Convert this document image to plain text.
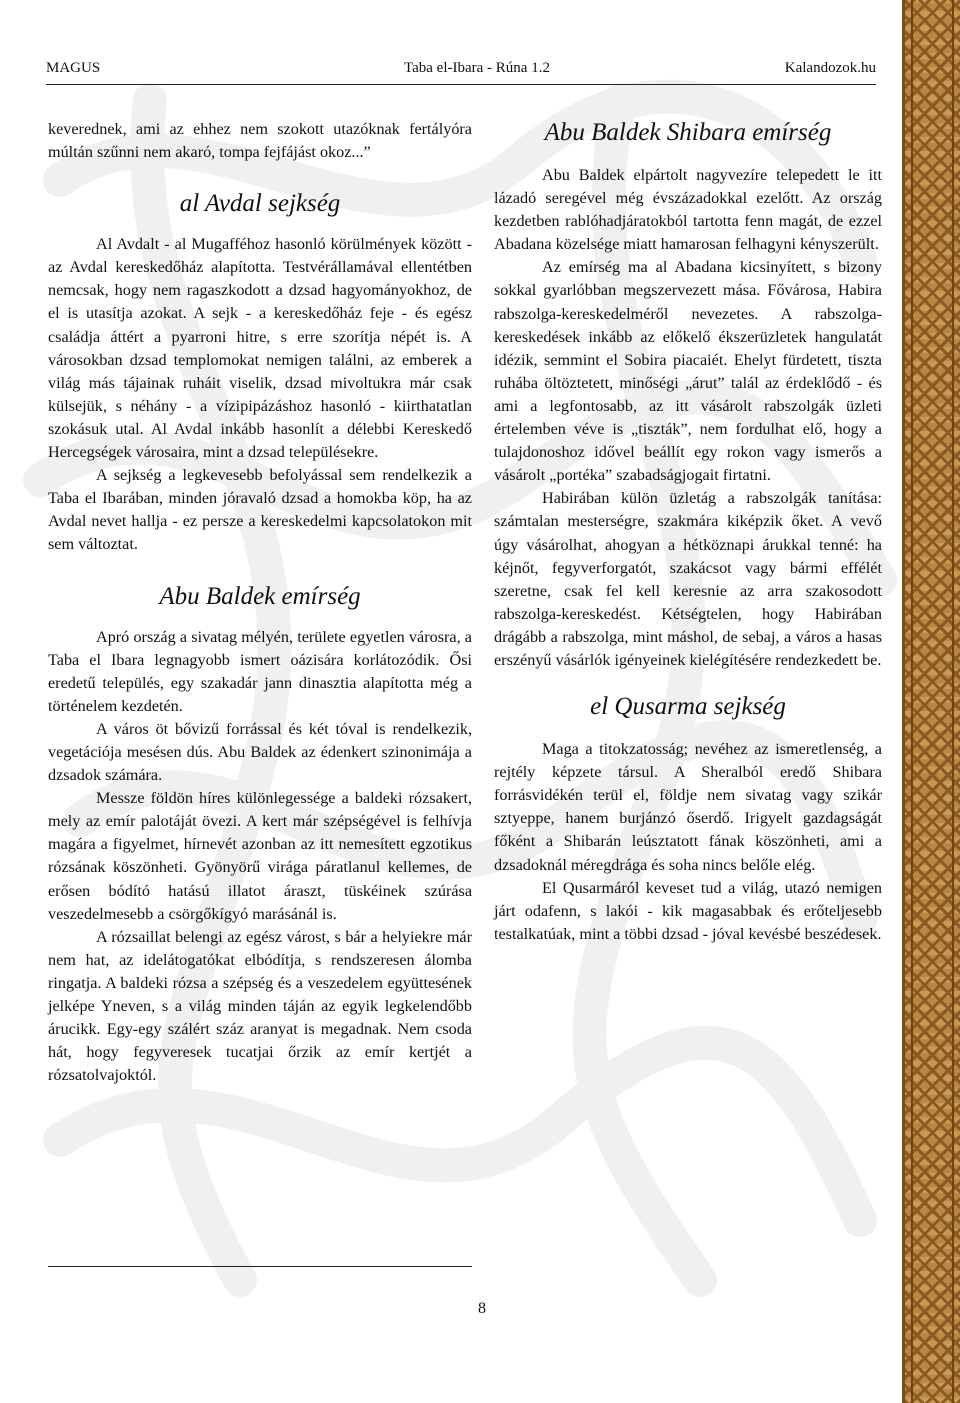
MAGUS	Taba el-Ibara - Rúna 1.2	Kalandozok.hu

keverednek, ami az ehhez nem szokott utazóknak fertályóra múltán szűnni nem akaró, tompa fejfájást okoz...”

al Avdal sejkség

Al Avdalt - al Mugafféhoz hasonló körülmények között - az Avdal kereskedőház alapította. Testvérállamával ellentétben nemcsak, hogy nem ragaszkodott a dzsad hagyományokhoz, de el is utasítja azokat. A sejk - a kereskedőház feje - és egész családja áttért a pyarroni hitre, s erre szorítja népét is. A városokban dzsad templomokat nemigen találni, az emberek a világ más tájainak ruháit viselik, dzsad mivoltukra már csak külsejük, s néhány - a vízipipázáshoz hasonló - kiirthatatlan szokásuk utal. Al Avdal inkább hasonlít a délebbi Kereskedő Hercegségek városaira, mint a dzsad településekre.

A sejkség a legkevesebb befolyással sem rendelkezik a Taba el Ibarában, minden jóravaló dzsad a homokba köp, ha az Avdal nevet hallja - ez persze a kereskedelmi kapcsolatokon mit sem változtat.

Abu Baldek emírség

Apró ország a sivatag mélyén, területe egyetlen városra, a Taba el Ibara legnagyobb ismert oázisára korlátozódik. Ősi eredetű település, egy szakadár jann dinasztia alapította még a történelem kezdetén.

A város öt bővizű forrással és két tóval is rendelkezik, vegetációja mesésen dús. Abu Baldek az édenkert szinonimája a dzsadok számára.

Messze földön híres különlegessége a baldeki rózsakert, mely az emír palotáját övezi. A kert már szépségével is felhívja magára a figyelmet, hírnevét azonban az itt nemesített egzotikus rózsának köszönheti. Gyönyörű virága páratlanul kellemes, de erősen bódító hatású illatot áraszt, tüskéinek szúrása veszedelmesebb a csörgőkígyó marásánál is.

A rózsaillat belengi az egész várost, s bár a helyiekre már nem hat, az idelátogatókat elbódítja, s rendszeresen álomba ringatja. A baldeki rózsa a szépség és a veszedelem együttesének jelképe Yneven, s a világ minden táján az egyik legkelendőbb árucikk. Egy-egy szálért száz aranyat is megadnak. Nem csoda hát, hogy fegyveresek tucatjai őrzik az emír kertjét a rózsatolvajoktól.

Abu Baldek Shibara emírség

Abu Baldek elpártolt nagyvezíre telepedett le itt lázadó seregével még évszázadokkal ezelőtt. Az ország kezdetben rablóhadjáratokból tartotta fenn magát, de ezzel Abadana közelsége miatt hamarosan felhagyni kényszerült.

Az emírség ma al Abadana kicsinyített, s bizony sokkal gyarlóbban megszervezett mása. Fővárosa, Habira rabszolga-kereskedelméről nevezetes. A rabszolga-kereskedések inkább az előkelő ékszerüzletek hangulatát idézik, semmint el Sobira piacaiét. Ehelyt fürdetett, tiszta ruhába öltöztetett, minőségi „árut” talál az érdeklődő - és ami a legfontosabb, az itt vásárolt rabszolgák üzleti értelemben véve is „tiszták”, nem fordulhat elő, hogy a tulajdonoshoz idővel beállít egy rokon vagy ismerős a vásárolt „portéka” szabadságjogait firtatni.

Habirában külön üzletág a rabszolgák tanítása: számtalan mesterségre, szakmára kiképzik őket. A vevő úgy vásárolhat, ahogyan a hétköznapi árukkal tenné: ha kéjnőt, fegyverforgatót, szakácsot vagy bármi effélét szeretne, csak fel kell keresnie az arra szakosodott rabszolga-kereskedést. Kétségtelen, hogy Habirában drágább a rabszolga, mint máshol, de sebaj, a város a hasas erszényű vásárlók igényeinek kielégítésére rendezkedett be.

el Qusarma sejkség

Maga a titokzatosság; nevéhez az ismeretlenség, a rejtély képzete társul. A Sheralból eredő Shibara forrásvidékén terül el, földje nem sivatag vagy szikár sztyeppe, hanem burjánzó őserdő. Irigyelt gazdagságát főként a Shibarán leúsztatott fának köszönheti, ami a dzsadoknál méregdrága és soha nincs belőle elég.

El Qusarmáról keveset tud a világ, utazó nemigen járt odafenn, s lakói - kik magasabbak és erőteljesebb testalkatúak, mint a többi dzsad - jóval kevésbé beszédesek.

8
